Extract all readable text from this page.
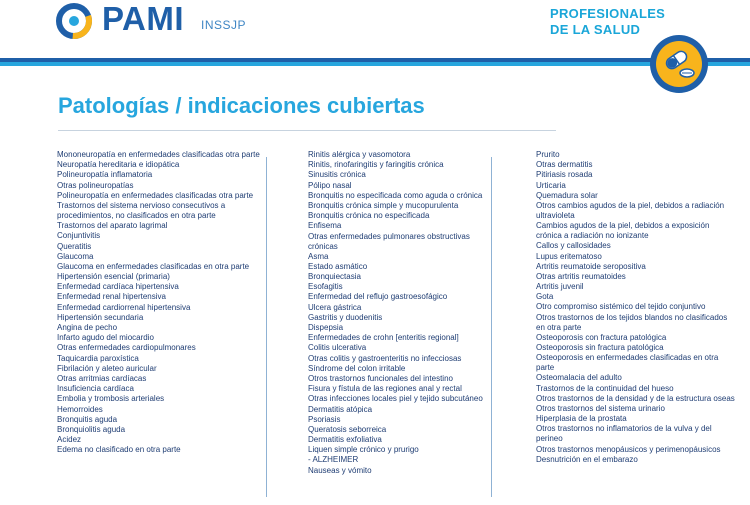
PAMI INSSJP
PROFESIONALES
DE LA SALUD
Patologías / indicaciones cubiertas
Mononeuropatía en enfermedades clasificadas otra parte
Neuropatía hereditaria e idiopática
Polineuropatía inflamatoria
Otras polineuropatías
Polineuropatía en enfermedades clasificadas otra parte
Trastornos del sistema nervioso consecutivos a procedimientos, no clasificados en otra parte
Trastornos del aparato lagrimal
Conjuntivitis
Queratitis
Glaucoma
Glaucoma en enfermedades clasificadas en otra parte
Hipertensión esencial (primaria)
Enfermedad cardíaca hipertensiva
Enfermedad renal hipertensiva
Enfermedad cardiorrenal hipertensiva
Hipertensión secundaria
Angina de pecho
Infarto agudo del miocardio
Otras enfermedades cardiopulmonares
Taquicardia paroxística
Fibrilación y aleteo auricular
Otras arritmias cardíacas
Insuficiencia cardíaca
Embolia y trombosis arteriales
Hemorroides
Bronquitis aguda
Bronquiolitis aguda
Acidez
Edema no clasificado en otra parte
Rinitis alérgica y vasomotora
Rinitis, rinofaringitis y faringitis crónica
Sinusitis crónica
Pólipo nasal
Bronquitis no especificada como aguda o crónica
Bronquitis crónica simple y mucopurulenta
Bronquitis crónica no especificada
Enfisema
Otras enfermedades pulmonares obstructivas crónicas
Asma
Estado asmático
Bronquiectasia
Esofagitis
Enfermedad del reflujo gastroesofágico
Ulcera gástrica
Gastritis y duodenitis
Dispepsia
Enfermedades de crohn [enteritis regional]
Colitis ulcerativa
Otras colitis y gastroenteritis no infecciosas
Síndrome del colon irritable
Otros trastornos funcionales del intestino
Fisura y fístula de las regiones anal y rectal
Otras infecciones locales piel y tejido subcutáneo
Dermatitis atópica
Psoriasis
Queratosis seborreica
Dermatitis exfoliativa
Liquen simple crónico y prurigo
- ALZHEIMER
Nauseas y vómito
Prurito
Otras dermatitis
Pitiriasis rosada
Urticaria
Quemadura solar
Otros cambios agudos de la piel, debidos a radiación ultravioleta
Cambios agudos de la piel, debidos a exposición crónica a radiación no ionizante
Callos y callosidades
Lupus eritematoso
Artritis reumatoide seropositiva
Otras artritis reumatoides
Artritis juvenil
Gota
Otro compromiso sistémico del tejido conjuntivo
Otros trastornos de los tejidos blandos no clasificados en otra parte
Osteoporosis con fractura patológica
Osteoporosis sin fractura patológica
Osteoporosis en enfermedades clasificadas en otra parte
Osteomalacia del adulto
Trastornos de la continuidad del hueso
Otros trastornos de la densidad y de la estructura oseas
Otros trastornos del sistema urinario
Hiperplasia de la prostata
Otros trastornos no inflamatorios de la vulva y del perineo
Otros trastornos menopáusicos y perimenopáusicos
Desnutrición en el embarazo
